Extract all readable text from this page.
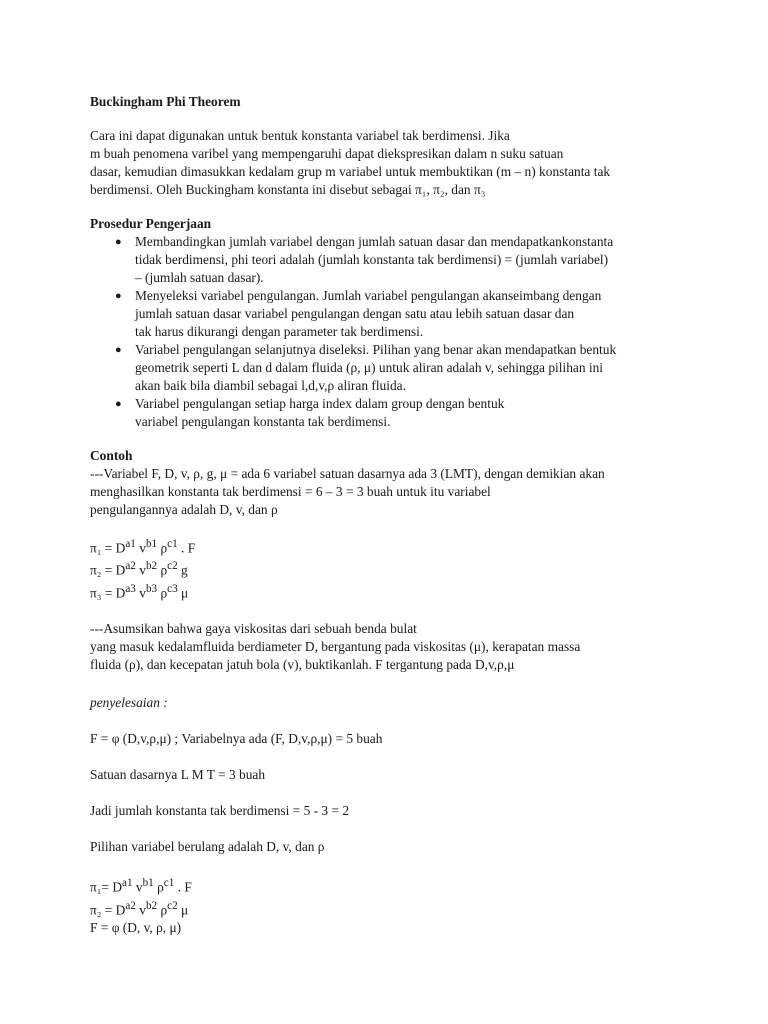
Buckingham Phi Theorem
Cara ini dapat digunakan untuk bentuk konstanta variabel tak berdimensi. Jika
m buah penomena varibel yang mempengaruhi dapat diekspresikan dalam n suku satuan
dasar, kemudian dimasukkan kedalam grup m variabel untuk membuktikan (m – n) konstanta tak
berdimensi. Oleh Buckingham konstanta ini disebut sebagai π₁, π₂, dan π₃
Prosedur Pengerjaan
● Membandingkan jumlah variabel dengan jumlah satuan dasar dan mendapatkankonstanta
tidak berdimensi, phi teori adalah (jumlah konstanta tak berdimensi) = (jumlah variabel)
– (jumlah satuan dasar).
● Menyeleksi variabel pengulangan. Jumlah variabel pengulangan akanseimbang dengan
jumlah satuan dasar variabel pengulangan dengan satu atau lebih satuan dasar dan
tak harus dikurangi dengan parameter tak berdimensi.
● Variabel pengulangan selanjutnya diseleksi. Pilihan yang benar akan mendapatkan bentuk
geometrik seperti L dan d dalam fluida (ρ, μ) untuk aliran adalah v, sehingga pilihan ini
akan baik bila diambil sebagai l,d,v,ρ aliran fluida.
● Variabel pengulangan setiap harga index dalam group dengan bentuk
variabel pengulangan konstanta tak berdimensi.
Contoh
---Variabel F, D, v, ρ, g, μ = ada 6 variabel satuan dasarnya ada 3 (LMT), dengan demikian akan
menghasilkan konstanta tak berdimensi = 6 – 3 = 3 buah untuk itu variabel
pengulangannya adalah D, v, dan ρ
$\pi_1 = D^{a1}$ $v^{b1}$ $\rho^{c1}$ . F
$\pi_2 = D^{a2}$ $v^{b2}$ $\rho^{c2}$ g
$\pi_3 = D^{a3}$ $v^{b3}$ $\rho^{c3}$ μ
---Asumsikan bahwa gaya viskositas dari sebuah benda bulat
yang masuk kedalamfluida berdiameter D, bergantung pada viskositas (μ), kerapatan massa
fluida (ρ), dan kecepatan jatuh bola (v), buktikanlah. F tergantung pada D,v,ρ,μ
penyelesaian :
F = φ (D,v,ρ,μ) ; Variabelnya ada (F, D,v,ρ,μ) = 5 buah
Satuan dasarnya L M T = 3 buah
Jadi jumlah konstanta tak berdimensi = 5 - 3 = 2
Pilihan variabel berulang adalah D, v, dan ρ
$\pi_1= D^{a1}$ $v^{b1}$ $\rho^{c1}$ . F
$\pi_2 = D^{a2}$ $v^{b2}$ $\rho^{c2}$ μ
F = φ (D, v, ρ, μ)
